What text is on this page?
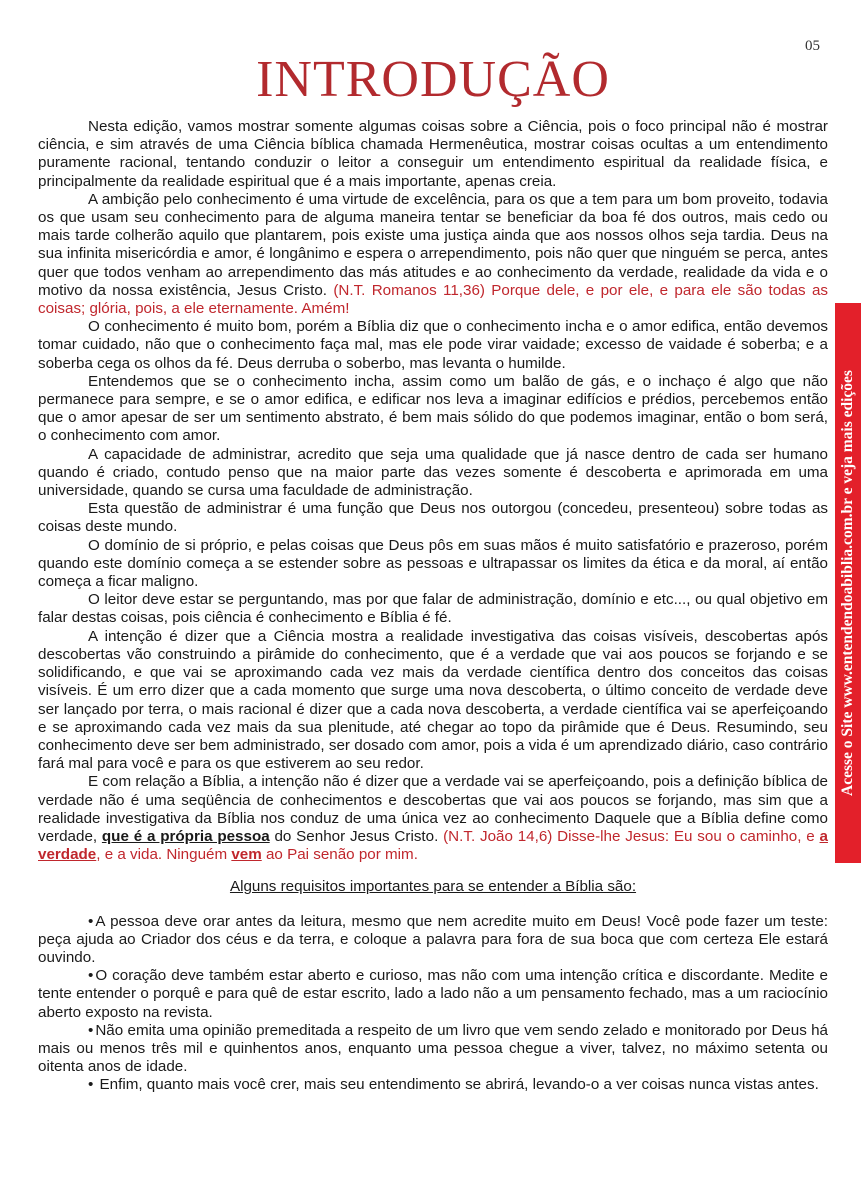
05
INTRODUÇÃO

Nesta edição, vamos mostrar somente algumas coisas sobre a Ciência, pois o foco principal não é mostrar ciência, e sim através de uma Ciência bíblica chamada Hermenêutica, mostrar coisas ocultas a um entendimento puramente racional, tentando conduzir o leitor a conseguir um entendimento espiritual da realidade física, e principalmente da realidade espiritual que é a mais importante, apenas creia.

A ambição pelo conhecimento é uma virtude de excelência, para os que a tem para um bom proveito, todavia os que usam seu conhecimento para de alguma maneira tentar se beneficiar da boa fé dos outros, mais cedo ou mais tarde colherão aquilo que plantarem, pois existe uma justiça ainda que aos nossos olhos seja tardia. Deus na sua infinita misericórdia e amor, é longânimo e espera o arrependimento, pois não quer que ninguém se perca, antes quer que todos venham ao arrependimento das más atitudes e ao conhecimento da verdade, realidade da vida e o motivo da nossa existência, Jesus Cristo. (N.T. Romanos 11,36) Porque dele, e por ele, e para ele são todas as coisas; glória, pois, a ele eternamente. Amém!

O conhecimento é muito bom, porém a Bíblia diz que o conhecimento incha e o amor edifica, então devemos tomar cuidado, não que o conhecimento faça mal, mas ele pode virar vaidade; excesso de vaidade é soberba; e a soberba cega os olhos da fé. Deus derruba o soberbo, mas levanta o humilde.

Entendemos que se o conhecimento incha, assim como um balão de gás, e o inchaço é algo que não permanece para sempre, e se o amor edifica, e edificar nos leva a imaginar edifícios e prédios, percebemos então que o amor apesar de ser um sentimento abstrato, é bem mais sólido do que podemos imaginar, então o bom será, o conhecimento com amor.

A capacidade de administrar, acredito que seja uma qualidade que já nasce dentro de cada ser humano quando é criado, contudo penso que na maior parte das vezes somente é descoberta e aprimorada em uma universidade, quando se cursa uma faculdade de administração.

Esta questão de administrar é uma função que Deus nos outorgou (concedeu, presenteou) sobre todas as coisas deste mundo.

O domínio de si próprio, e pelas coisas que Deus pôs em suas mãos é muito satisfatório e prazeroso, porém quando este domínio começa a se estender sobre as pessoas e ultrapassar os limites da ética e da moral, aí então começa a ficar maligno.

O leitor deve estar se perguntando, mas por que falar de administração, domínio e etc..., ou qual objetivo em falar destas coisas, pois ciência é conhecimento e Bíblia é fé.

A intenção é dizer que a Ciência mostra a realidade investigativa das coisas visíveis, descobertas após descobertas vão construindo a pirâmide do conhecimento, que é a verdade que vai aos poucos se forjando e se solidificando, e que vai se aproximando cada vez mais da verdade científica dentro dos conceitos das coisas visíveis. É um erro dizer que a cada momento que surge uma nova descoberta, o último conceito de verdade deve ser lançado por terra, o mais racional é dizer que a cada nova descoberta, a verdade científica vai se aperfeiçoando e se aproximando cada vez mais da sua plenitude, até chegar ao topo da pirâmide que é Deus. Resumindo, seu conhecimento deve ser bem administrado, ser dosado com amor, pois a vida é um aprendizado diário, caso contrário fará mal para você e para os que estiverem ao seu redor.

E com relação a Bíblia, a intenção não é dizer que a verdade vai se aperfeiçoando, pois a definição bíblica de verdade não é uma seqüência de conhecimentos e descobertas que vai aos poucos se forjando, mas sim que a realidade investigativa da Bíblia nos conduz de uma única vez ao conhecimento Daquele que a Bíblia define como verdade, que é a própria pessoa do Senhor Jesus Cristo. (N.T. João 14,6) Disse-lhe Jesus: Eu sou o caminho, e a verdade, e a vida. Ninguém vem ao Pai senão por mim.

Alguns requisitos importantes para se entender a Bíblia são:

• A pessoa deve orar antes da leitura, mesmo que nem acredite muito em Deus! Você pode fazer um teste: peça ajuda ao Criador dos céus e da terra, e coloque a palavra para fora de sua boca que com certeza Ele estará ouvindo.

• O coração deve também estar aberto e curioso, mas não com uma intenção crítica e discordante. Medite e tente entender o porquê e para quê de estar escrito, lado a lado não a um pensamento fechado, mas a um raciocínio aberto exposto na revista.

• Não emita uma opinião premeditada a respeito de um livro que vem sendo zelado e monitorado por Deus há mais ou menos três mil e quinhentos anos, enquanto uma pessoa chegue a viver, talvez, no máximo setenta ou oitenta anos de idade.

• Enfim, quanto mais você crer, mais seu entendimento se abrirá, levando-o a ver coisas nunca vistas antes.

Acesse o Site www.entendendoabiblia.com.br e veja mais edições
